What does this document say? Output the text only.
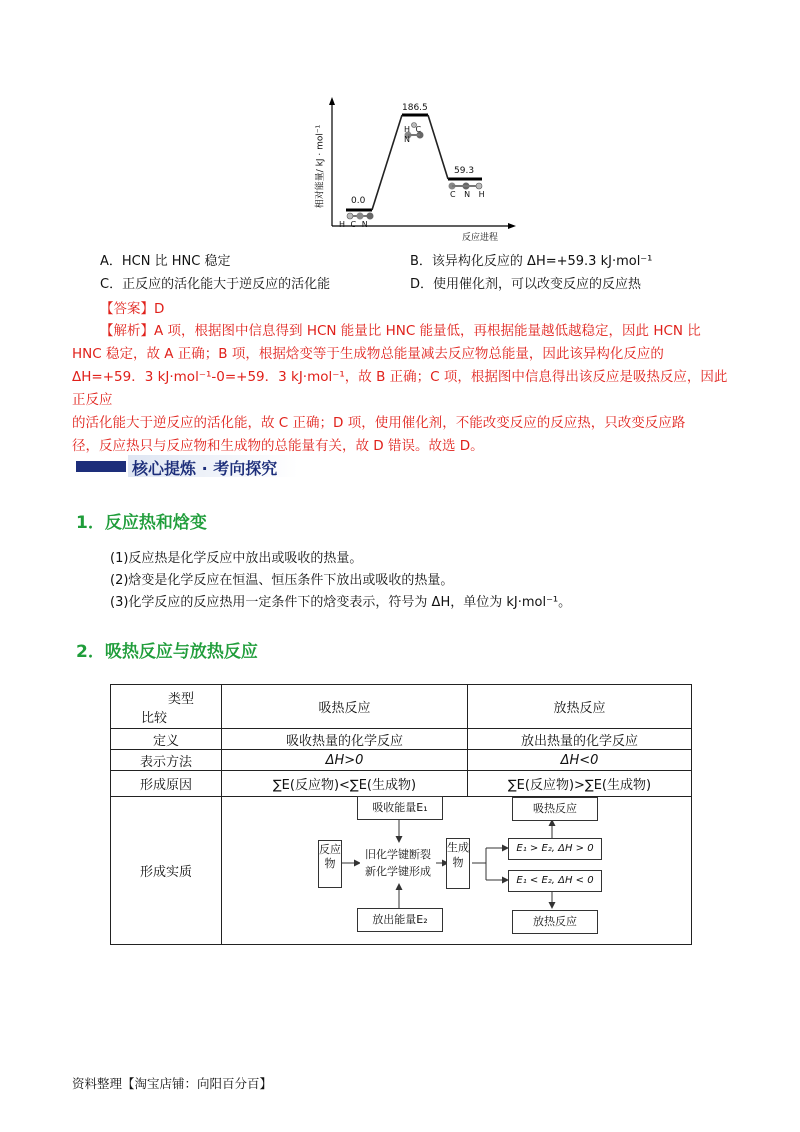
相对能量/ kJ · mol⁻¹
反应进程
0.0
186.5
59.3
H C N
H C N
C N H
A．HCN 比 HNC 稳定	B．该异构化反应的 ΔH=+59.3 kJ·mol⁻¹
C．正反应的活化能大于逆反应的活化能	D．使用催化剂，可以改变反应的反应热
【答案】D
【解析】A 项，根据图中信息得到 HCN 能量比 HNC 能量低，再根据能量越低越稳定，因此 HCN 比
HNC 稳定，故 A 正确；B 项，根据焓变等于生成物总能量减去反应物总能量，因此该异构化反应的
ΔH=+59．3 kJ·mol⁻¹-0=+59．3 kJ·mol⁻¹，故 B 正确；C 项，根据图中信息得出该反应是吸热反应，因此正反应
的活化能大于逆反应的活化能，故 C 正确；D 项，使用催化剂，不能改变反应的反应热，只改变反应路
径，反应热只与反应物和生成物的总能量有关，故 D 错误。故选 D。
核心提炼 · 考向探究
1．反应热和焓变
(1)反应热是化学反应中放出或吸收的热量。
(2)焓变是化学反应在恒温、恒压条件下放出或吸收的热量。
(3)化学反应的反应热用一定条件下的焓变表示，符号为 ΔH，单位为 kJ·mol⁻¹。
2．吸热反应与放热反应
类型
比较	吸热反应	放热反应
定义	吸收热量的化学反应	放出热量的化学反应
表示方法	ΔH>0	ΔH<0
形成原因	∑E(反应物)<∑E(生成物)	∑E(反应物)>∑E(生成物)
形成实质		
吸收能量E₁
放出能量E₂
反应物
旧化学键断裂
新化学键形成
生成物
吸热反应
E₁ > E₂, ΔH > 0
E₁ < E₂, ΔH < 0
放热反应
资料整理【淘宝店铺：向阳百分百】
